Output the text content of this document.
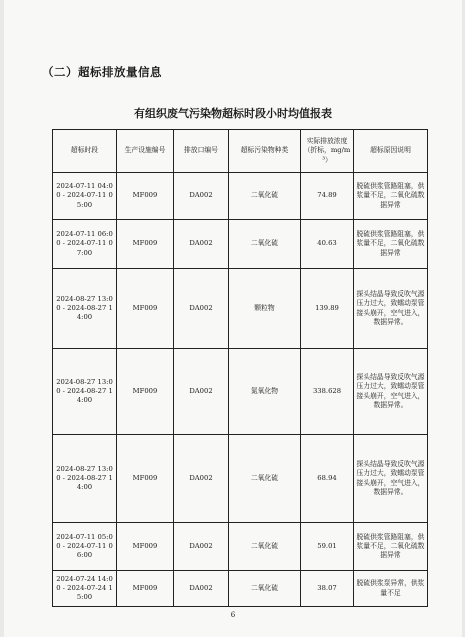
（二）超标排放量信息
有组织废气污染物超标时段小时均值报表
超标时段	生产设施编号	排放口编号	超标污染物种类	实际排放浓度（折标，mg/m³）	超标原因说明
2024-07-11 04:00 - 2024-07-11 05:00	MF009	DA002	二氧化硫	74.89	脱硫供浆管路阻塞，供浆量不足，二氧化硫数据异常
2024-07-11 06:00 - 2024-07-11 07:00	MF009	DA002	二氧化硫	40.63	脱硫供浆管路阻塞，供浆量不足，二氧化硫数据异常
2024-08-27 13:00 - 2024-08-27 14:00	MF009	DA002	颗粒物	139.89	探头结晶导致反吹气源压力过大，致蠕动泵管接头崩开，空气进入，数据异常。
2024-08-27 13:00 - 2024-08-27 14:00	MF009	DA002	氮氧化物	338.628	探头结晶导致反吹气源压力过大，致蠕动泵管接头崩开，空气进入，数据异常。
2024-08-27 13:00 - 2024-08-27 14:00	MF009	DA002	二氧化硫	68.94	探头结晶导致反吹气源压力过大，致蠕动泵管接头崩开，空气进入，数据异常。
2024-07-11 05:00 - 2024-07-11 06:00	MF009	DA002	二氧化硫	59.01	脱硫供浆管路阻塞，供浆量不足，二氧化硫数据异常
2024-07-24 14:00 - 2024-07-24 15:00	MF009	DA002	二氧化硫	38.07	脱硫供浆泵异常，供浆量不足
6
